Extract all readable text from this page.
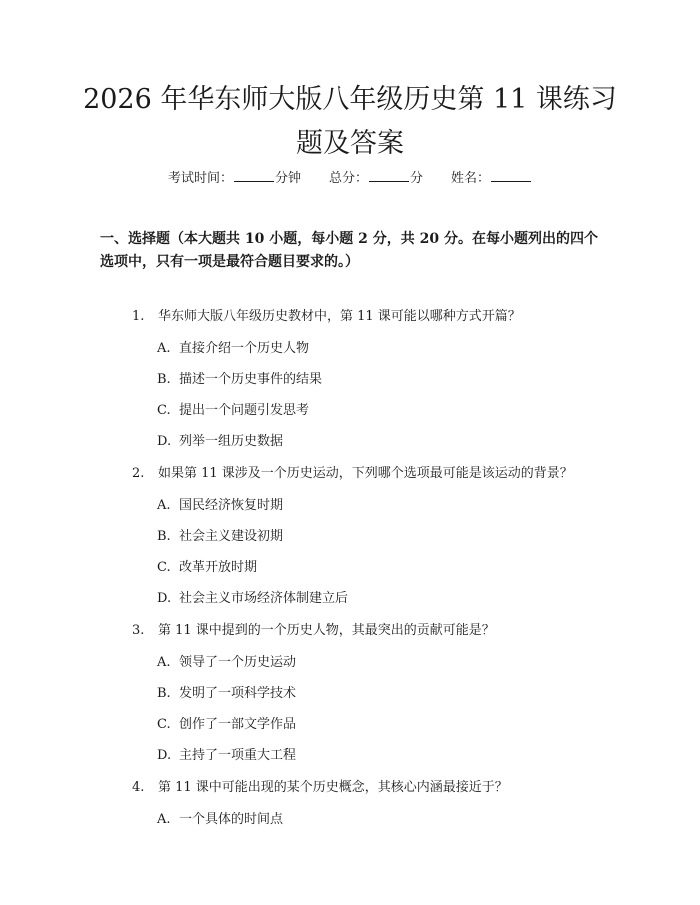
2026 年华东师大版八年级历史第 11 课练习
题及答案
考试时间：	分钟 总分：	分 姓名：
一、选择题（本大题共 10 小题，每小题 2 分，共 20 分。在每小题列出的四个选项中，只有一项是最符合题目要求的。）
1. 华东师大版八年级历史教材中，第 11 课可能以哪种方式开篇？
A. 直接介绍一个历史人物
B. 描述一个历史事件的结果
C. 提出一个问题引发思考
D. 列举一组历史数据
2. 如果第 11 课涉及一个历史运动，下列哪个选项最可能是该运动的背景？
A. 国民经济恢复时期
B. 社会主义建设初期
C. 改革开放时期
D. 社会主义市场经济体制建立后
3. 第 11 课中提到的一个历史人物，其最突出的贡献可能是？
A. 领导了一个历史运动
B. 发明了一项科学技术
C. 创作了一部文学作品
D. 主持了一项重大工程
4. 第 11 课中可能出现的某个历史概念，其核心内涵最接近于？
A. 一个具体的时间点
